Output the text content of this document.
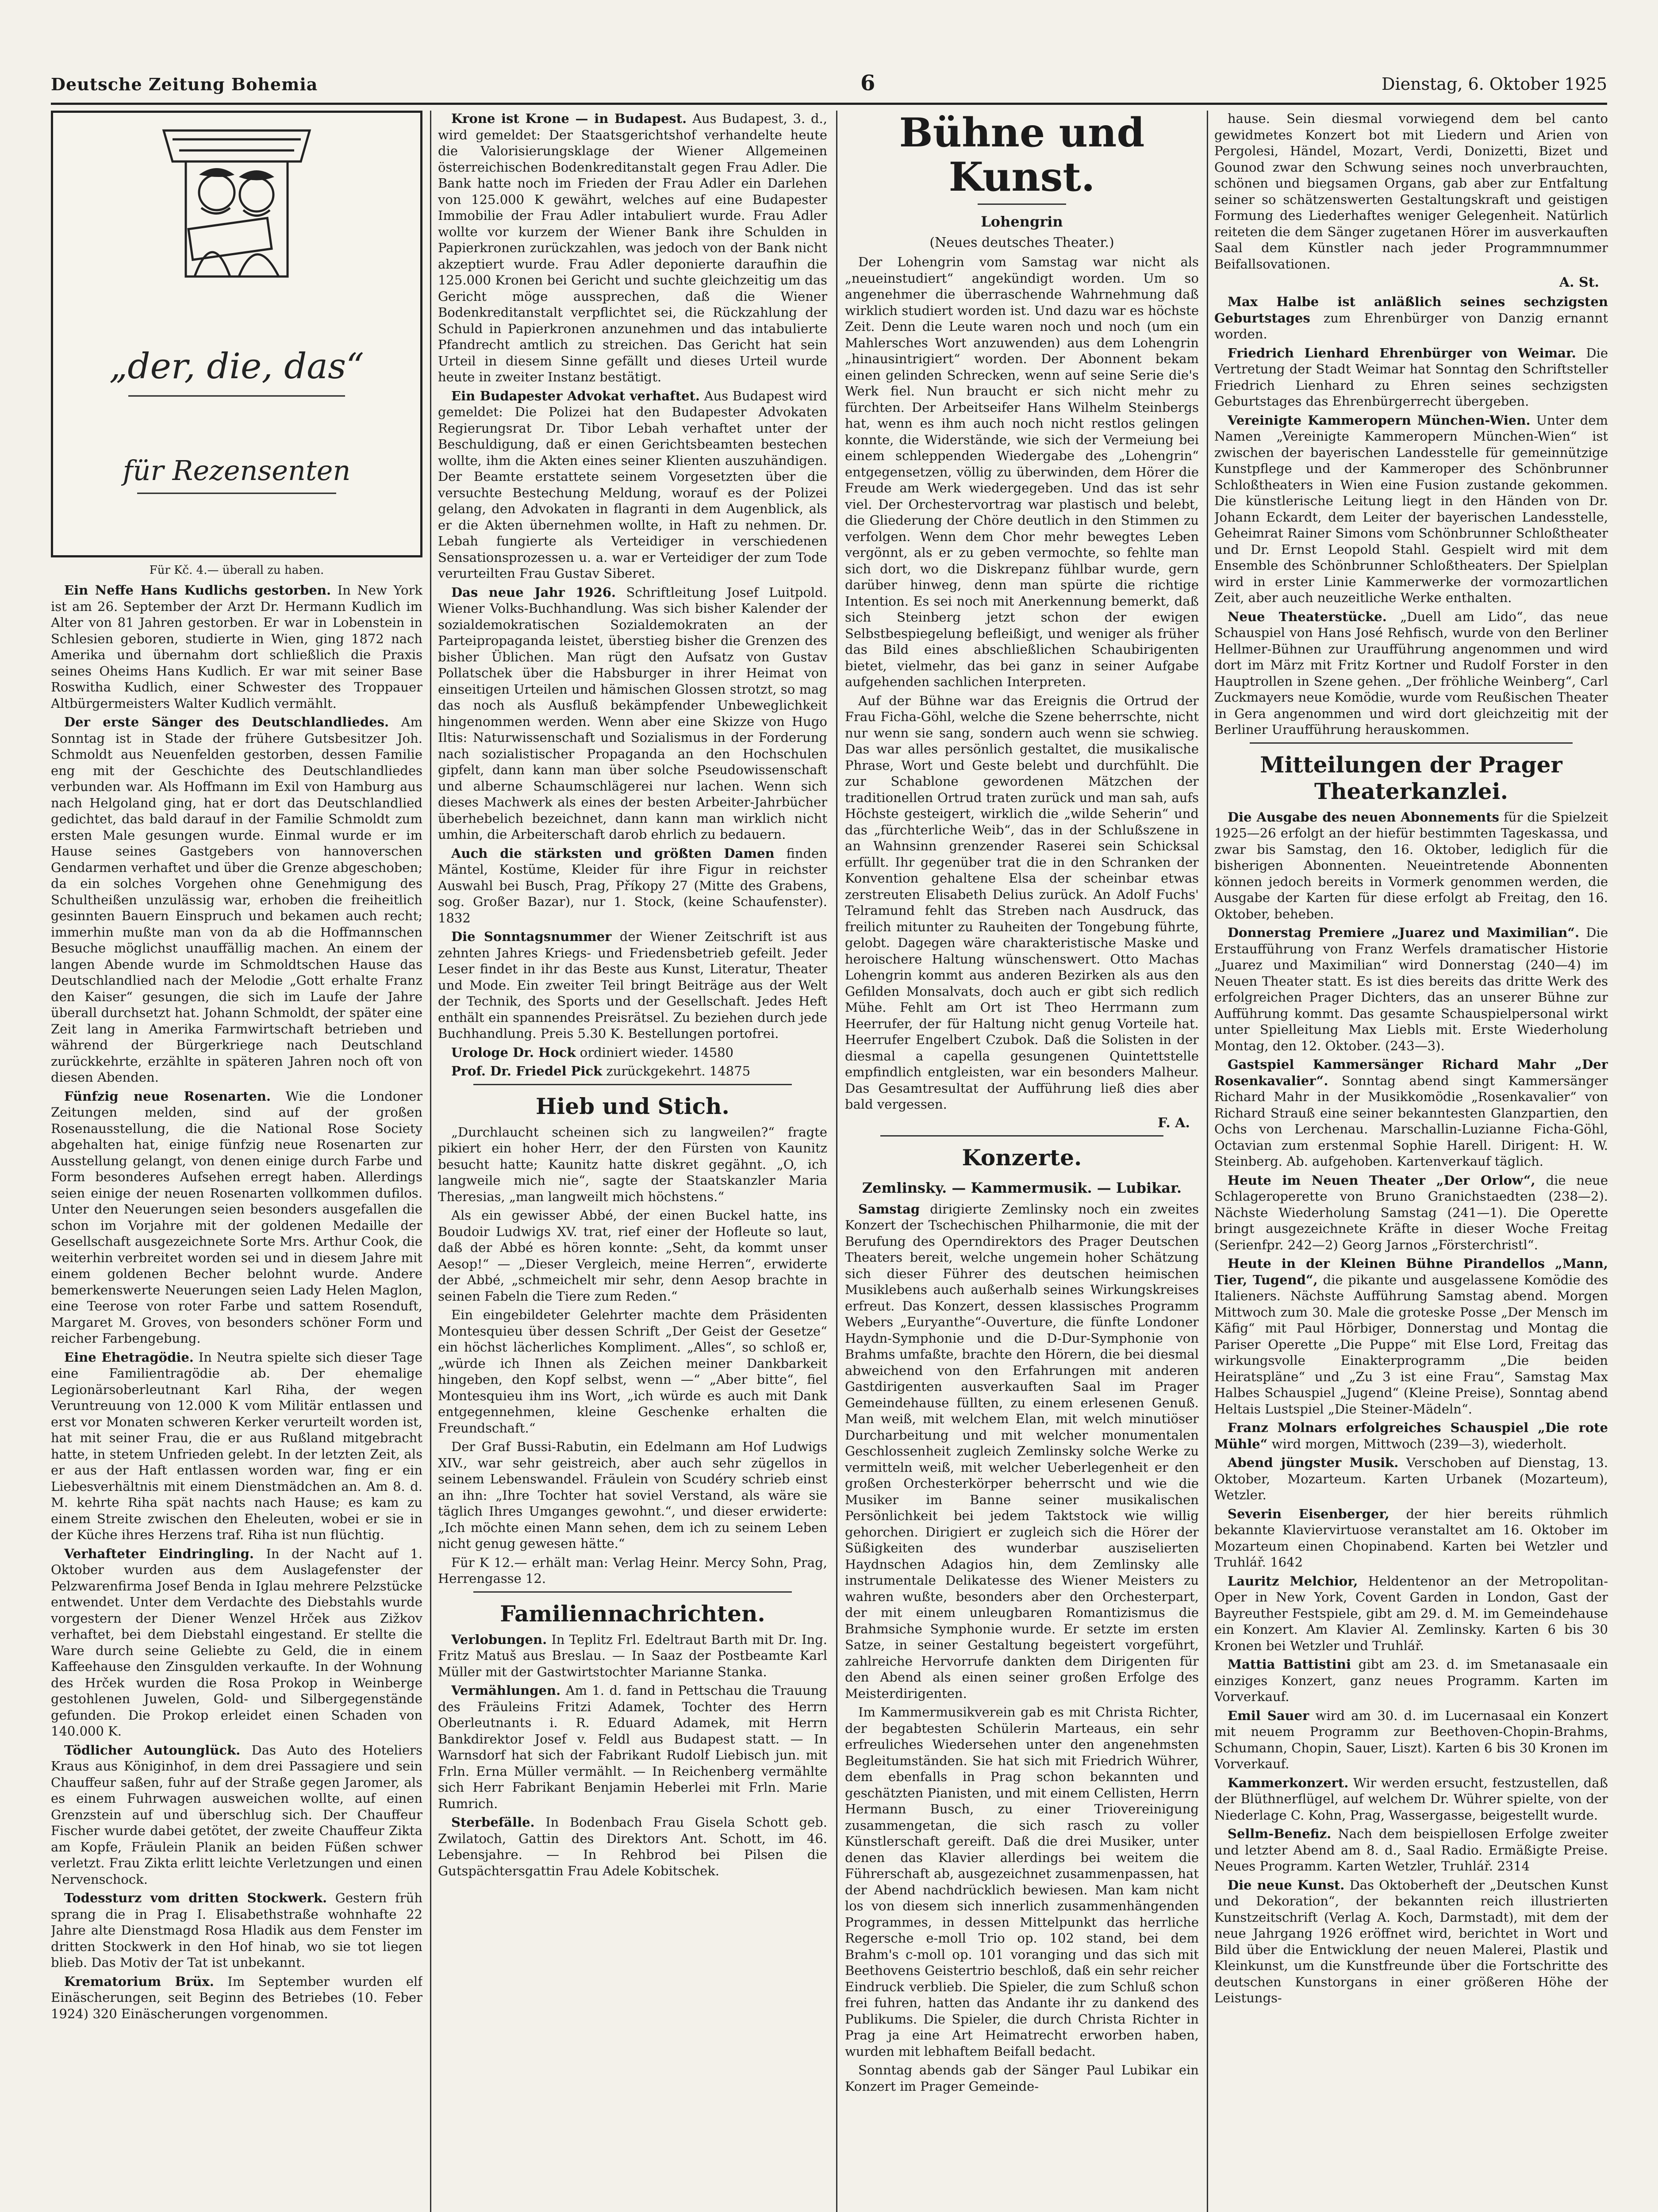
Deutsche Zeitung Bohemia	6	Dienstag, 6. Oktober 1925
„der, die, das“
für Rezensenten
Für Kč. 4.— überall zu haben.

Ein Neffe Hans Kudlichs gestorben. In New York ist am 26. September der Arzt Dr. Hermann Kudlich im Alter von 81 Jahren gestorben. Er war in Lobenstein in Schlesien geboren, studierte in Wien, ging 1872 nach Amerika und übernahm dort schließlich die Praxis seines Oheims Hans Kudlich. Er war mit seiner Base Roswitha Kudlich, einer Schwester des Troppauer Altbürgermeisters Walter Kudlich vermählt.

Der erste Sänger des Deutschlandliedes. Am Sonntag ist in Stade der frühere Gutsbesitzer Joh. Schmoldt aus Neuenfelden gestorben, dessen Familie eng mit der Geschichte des Deutschlandliedes verbunden war. Als Hoffmann im Exil von Hamburg aus nach Helgoland ging, hat er dort das Deutschlandlied gedichtet, das bald darauf in der Familie Schmoldt zum ersten Male gesungen wurde. Einmal wurde er im Hause seines Gastgebers von hannoverschen Gendarmen verhaftet und über die Grenze abgeschoben; da ein solches Vorgehen ohne Genehmigung des Schultheißen unzulässig war, erhoben die freiheitlich gesinnten Bauern Einspruch und bekamen auch recht; immerhin mußte man von da ab die Hoffmannschen Besuche möglichst unauffällig machen. An einem der langen Abende wurde im Schmoldtschen Hause das Deutschlandlied nach der Melodie „Gott erhalte Franz den Kaiser“ gesungen, die sich im Laufe der Jahre überall durchsetzt hat. Johann Schmoldt, der später eine Zeit lang in Amerika Farmwirtschaft betrieben und während der Bürgerkriege nach Deutschland zurückkehrte, erzählte in späteren Jahren noch oft von diesen Abenden.

Fünfzig neue Rosenarten. Wie die Londoner Zeitungen melden, sind auf der großen Rosenausstellung, die die National Rose Society abgehalten hat, einige fünfzig neue Rosenarten zur Ausstellung gelangt, von denen einige durch Farbe und Form besonderes Aufsehen erregt haben. Allerdings seien einige der neuen Rosenarten vollkommen dufilos. Unter den Neuerungen seien besonders ausgefallen die schon im Vorjahre mit der goldenen Medaille der Gesellschaft ausgezeichnete Sorte Mrs. Arthur Cook, die weiterhin verbreitet worden sei und in diesem Jahre mit einem goldenen Becher belohnt wurde. Andere bemerkenswerte Neuerungen seien Lady Helen Maglon, eine Teerose von roter Farbe und sattem Rosenduft, Margaret M. Groves, von besonders schöner Form und reicher Farbengebung.

Eine Ehetragödie. In Neutra spielte sich dieser Tage eine Familientragödie ab. Der ehemalige Legionärsoberleutnant Karl Riha, der wegen Veruntreuung von 12.000 K vom Militär entlassen und erst vor Monaten schweren Kerker verurteilt worden ist, hat mit seiner Frau, die er aus Rußland mitgebracht hatte, in stetem Unfrieden gelebt. In der letzten Zeit, als er aus der Haft entlassen worden war, fing er ein Liebesverhältnis mit einem Dienstmädchen an. Am 8. d. M. kehrte Riha spät nachts nach Hause; es kam zu einem Streite zwischen den Eheleuten, wobei er sie in der Küche ihres Herzens traf. Riha ist nun flüchtig.

Verhafteter Eindringling. In der Nacht auf 1. Oktober wurden aus dem Auslagefenster der Pelzwarenfirma Josef Benda in Iglau mehrere Pelzstücke entwendet. Unter dem Verdachte des Diebstahls wurde vorgestern der Diener Wenzel Hrček aus Zižkov verhaftet, bei dem Diebstahl eingestand. Er stellte die Ware durch seine Geliebte zu Geld, die in einem Kaffeehause den Zinsgulden verkaufte. In der Wohnung des Hrček wurden die Rosa Prokop in Weinberge gestohlenen Juwelen, Gold- und Silbergegenstände gefunden. Die Prokop erleidet einen Schaden von 140.000 K.

Tödlicher Autounglück. Das Auto des Hoteliers Kraus aus Königinhof, in dem drei Passagiere und sein Chauffeur saßen, fuhr auf der Straße gegen Jaromer, als es einem Fuhrwagen ausweichen wollte, auf einen Grenzstein auf und überschlug sich. Der Chauffeur Fischer wurde dabei getötet, der zweite Chauffeur Zikta am Kopfe, Fräulein Planik an beiden Füßen schwer verletzt. Frau Zikta erlitt leichte Verletzungen und einen Nervenschock.

Todessturz vom dritten Stockwerk. Gestern früh sprang die in Prag I. Elisabethstraße wohnhafte 22 Jahre alte Dienstmagd Rosa Hladik aus dem Fenster im dritten Stockwerk in den Hof hinab, wo sie tot liegen blieb. Das Motiv der Tat ist unbekannt.

Krematorium Brüx. Im September wurden elf Einäscherungen, seit Beginn des Betriebes (10. Feber 1924) 320 Einäscherungen vorgenommen.

Krone ist Krone — in Budapest. Aus Budapest, 3. d., wird gemeldet: Der Staatsgerichtshof verhandelte heute die Valorisierungsklage der Wiener Allgemeinen österreichischen Bodenkreditanstalt gegen Frau Adler. Die Bank hatte noch im Frieden der Frau Adler ein Darlehen von 125.000 K gewährt, welches auf eine Budapester Immobilie der Frau Adler intabuliert wurde. Frau Adler wollte vor kurzem der Wiener Bank ihre Schulden in Papierkronen zurückzahlen, was jedoch von der Bank nicht akzeptiert wurde. Frau Adler deponierte daraufhin die 125.000 Kronen bei Gericht und suchte gleichzeitig um das Gericht möge aussprechen, daß die Wiener Bodenkreditanstalt verpflichtet sei, die Rückzahlung der Schuld in Papierkronen anzunehmen und das intabulierte Pfandrecht amtlich zu streichen. Das Gericht hat sein Urteil in diesem Sinne gefällt und dieses Urteil wurde heute in zweiter Instanz bestätigt.

Ein Budapester Advokat verhaftet. Aus Budapest wird gemeldet: Die Polizei hat den Budapester Advokaten Regierungsrat Dr. Tibor Lebah verhaftet unter der Beschuldigung, daß er einen Gerichtsbeamten bestechen wollte, ihm die Akten eines seiner Klienten auszuhändigen. Der Beamte erstattete seinem Vorgesetzten über die versuchte Bestechung Meldung, worauf es der Polizei gelang, den Advokaten in flagranti in dem Augenblick, als er die Akten übernehmen wollte, in Haft zu nehmen. Dr. Lebah fungierte als Verteidiger in verschiedenen Sensationsprozessen u. a. war er Verteidiger der zum Tode verurteilten Frau Gustav Siberet.

Das neue Jahr 1926. Schriftleitung Josef Luitpold. Wiener Volks-Buchhandlung. Was sich bisher Kalender der sozialdemokratischen Sozialdemokraten an der Parteipropaganda leistet, überstieg bisher die Grenzen des bisher Üblichen. Man rügt den Aufsatz von Gustav Pollatschek über die Habsburger in ihrer Heimat von einseitigen Urteilen und hämischen Glossen strotzt, so mag das noch als Ausfluß bekämpfender Unbeweglichkeit hingenommen werden. Wenn aber eine Skizze von Hugo Iltis: Naturwissenschaft und Sozialismus in der Forderung nach sozialistischer Propaganda an den Hochschulen gipfelt, dann kann man über solche Pseudowissenschaft und alberne Schaumschlägerei nur lachen. Wenn sich dieses Machwerk als eines der besten Arbeiter-Jahrbücher überhebelich bezeichnet, dann kann man wirklich nicht umhin, die Arbeiterschaft darob ehrlich zu bedauern.

Auch die stärksten und größten Damen finden Mäntel, Kostüme, Kleider für ihre Figur in reichster Auswahl bei Busch, Prag, Příkopy 27 (Mitte des Grabens, sog. Großer Bazar), nur 1. Stock, (keine Schaufenster). 1832

Die Sonntagsnummer der Wiener Zeitschrift ist aus zehnten Jahres Kriegs- und Friedensbetrieb gefeilt. Jeder Leser findet in ihr das Beste aus Kunst, Literatur, Theater und Mode. Ein zweiter Teil bringt Beiträge aus der Welt der Technik, des Sports und der Gesellschaft. Jedes Heft enthält ein spannendes Preisrätsel. Zu beziehen durch jede Buchhandlung. Preis 5.30 K. Bestellungen portofrei.

Urologe Dr. Hock ordiniert wieder. 14580

Prof. Dr. Friedel Pick zurückgekehrt. 14875

Hieb und Stich.

„Durchlaucht scheinen sich zu langweilen?“ fragte pikiert ein hoher Herr, der den Fürsten von Kaunitz besucht hatte; Kaunitz hatte diskret gegähnt. „O, ich langweile mich nie“, sagte der Staatskanzler Maria Theresias, „man langweilt mich höchstens.“

Als ein gewisser Abbé, der einen Buckel hatte, ins Boudoir Ludwigs XV. trat, rief einer der Hofleute so laut, daß der Abbé es hören konnte: „Seht, da kommt unser Aesop!“ — „Dieser Vergleich, meine Herren“, erwiderte der Abbé, „schmeichelt mir sehr, denn Aesop brachte in seinen Fabeln die Tiere zum Reden.“

Ein eingebildeter Gelehrter machte dem Präsidenten Montesquieu über dessen Schrift „Der Geist der Gesetze“ ein höchst lächerliches Kompliment. „Alles“, so schloß er, „würde ich Ihnen als Zeichen meiner Dankbarkeit hingeben, den Kopf selbst, wenn —“ „Aber bitte“, fiel Montesquieu ihm ins Wort, „ich würde es auch mit Dank entgegennehmen, kleine Geschenke erhalten die Freundschaft.“

Der Graf Bussi-Rabutin, ein Edelmann am Hof Ludwigs XIV., war sehr geistreich, aber auch sehr zügellos in seinem Lebenswandel. Fräulein von Scudéry schrieb einst an ihn: „Ihre Tochter hat soviel Verstand, als wäre sie täglich Ihres Umganges gewohnt.“, und dieser erwiderte: „Ich möchte einen Mann sehen, dem ich zu seinem Leben nicht genug gewesen hätte.“

Für K 12.— erhält man: Verlag Heinr. Mercy Sohn, Prag, Herrengasse 12.

Familiennachrichten.

Verlobungen. In Teplitz Frl. Edeltraut Barth mit Dr. Ing. Fritz Matuš aus Breslau. — In Saaz der Postbeamte Karl Müller mit der Gastwirtstochter Marianne Stanka.

Vermählungen. Am 1. d. fand in Pettschau die Trauung des Fräuleins Fritzi Adamek, Tochter des Herrn Oberleutnants i. R. Eduard Adamek, mit Herrn Bankdirektor Josef v. Feldl aus Budapest statt. — In Warnsdorf hat sich der Fabrikant Rudolf Liebisch jun. mit Frln. Erna Müller vermählt. — In Reichenberg vermählte sich Herr Fabrikant Benjamin Heberlei mit Frln. Marie Rumrich.

Sterbefälle. In Bodenbach Frau Gisela Schott geb. Zwilatoch, Gattin des Direktors Ant. Schott, im 46. Lebensjahre. — In Rehbrod bei Pilsen die Gutspächtersgattin Frau Adele Kobitschek.

Bühne und Kunst.
Lohengrin
(Neues deutsches Theater.)

Der Lohengrin vom Samstag war nicht als „neueinstudiert“ angekündigt worden. Um so angenehmer die überraschende Wahrnehmung daß wirklich studiert worden ist. Und dazu war es höchste Zeit. Denn die Leute waren noch und noch (um ein Mahlersches Wort anzuwenden) aus dem Lohengrin „hinausintrigiert“ worden. Der Abonnent bekam einen gelinden Schrecken, wenn auf seine Serie die's Werk fiel. Nun braucht er sich nicht mehr zu fürchten. Der Arbeitseifer Hans Wilhelm Steinbergs hat, wenn es ihm auch noch nicht restlos gelingen konnte, die Widerstände, wie sich der Vermeiung bei einem schleppenden Wiedergabe des „Lohengrin“ entgegensetzen, völlig zu überwinden, dem Hörer die Freude am Werk wiedergegeben. Und das ist sehr viel. Der Orchestervortrag war plastisch und belebt, die Gliederung der Chöre deutlich in den Stimmen zu verfolgen. Wenn dem Chor mehr bewegtes Leben vergönnt, als er zu geben vermochte, so fehlte man sich dort, wo die Diskrepanz fühlbar wurde, gern darüber hinweg, denn man spürte die richtige Intention. Es sei noch mit Anerkennung bemerkt, daß sich Steinberg jetzt schon der ewigen Selbstbespiegelung befleißigt, und weniger als früher das Bild eines abschließlichen Schaubirigenten bietet, vielmehr, das bei ganz in seiner Aufgabe aufgehenden sachlichen Interpreten.

Auf der Bühne war das Ereignis die Ortrud der Frau Ficha-Göhl, welche die Szene beherrschte, nicht nur wenn sie sang, sondern auch wenn sie schwieg. Das war alles persönlich gestaltet, die musikalische Phrase, Wort und Geste belebt und durchfühlt. Die zur Schablone gewordenen Mätzchen der traditionellen Ortrud traten zurück und man sah, aufs Höchste gesteigert, wirklich die „wilde Seherin“ und das „fürchterliche Weib“, das in der Schlußszene in an Wahnsinn grenzender Raserei sein Schicksal erfüllt. Ihr gegenüber trat die in den Schranken der Konvention gehaltene Elsa der scheinbar etwas zerstreuten Elisabeth Delius zurück. An Adolf Fuchs' Telramund fehlt das Streben nach Ausdruck, das freilich mitunter zu Rauheiten der Tongebung führte, gelobt. Dagegen wäre charakteristische Maske und heroischere Haltung wünschenswert. Otto Machas Lohengrin kommt aus anderen Bezirken als aus den Gefilden Monsalvats, doch auch er gibt sich redlich Mühe. Fehlt am Ort ist Theo Herrmann zum Heerrufer, der für Haltung nicht genug Vorteile hat. Heerrufer Engelbert Czubok. Daß die Solisten in der diesmal a capella gesungenen Quintettstelle empfindlich entgleisten, war ein besonders Malheur. Das Gesamtresultat der Aufführung ließ dies aber bald vergessen.

F. A.
Konzerte.
Zemlinsky. — Kammermusik. — Lubikar.

Samstag dirigierte Zemlinsky noch ein zweites Konzert der Tschechischen Philharmonie, die mit der Berufung des Operndirektors des Prager Deutschen Theaters bereit, welche ungemein hoher Schätzung sich dieser Führer des deutschen heimischen Musiklebens auch außerhalb seines Wirkungskreises erfreut. Das Konzert, dessen klassisches Programm Webers „Euryanthe“-Ouverture, die fünfte Londoner Haydn-Symphonie und die D-Dur-Symphonie von Brahms umfaßte, brachte den Hörern, die bei diesmal abweichend von den Erfahrungen mit anderen Gastdirigenten ausverkauften Saal im Prager Gemeindehause füllten, zu einem erlesenen Genuß. Man weiß, mit welchem Elan, mit welch minutiöser Durcharbeitung und mit welcher monumentalen Geschlossenheit zugleich Zemlinsky solche Werke zu vermitteln weiß, mit welcher Ueberlegenheit er den großen Orchesterkörper beherrscht und wie die Musiker im Banne seiner musikalischen Persönlichkeit bei jedem Taktstock wie willig gehorchen. Dirigiert er zugleich sich die Hörer der Süßigkeiten des wunderbar ausziselierten Haydnschen Adagios hin, dem Zemlinsky alle instrumentale Delikatesse des Wiener Meisters zu wahren wußte, besonders aber den Orchesterpart, der mit einem unleugbaren Romantizismus die Brahmsiche Symphonie wurde. Er setzte im ersten Satze, in seiner Gestaltung begeistert vorgeführt, zahlreiche Hervorrufe dankten dem Dirigenten für den Abend als einen seiner großen Erfolge des Meisterdirigenten.

Im Kammermusikverein gab es mit Christa Richter, der begabtesten Schülerin Marteaus, ein sehr erfreuliches Wiedersehen unter den angenehmsten Begleitumständen. Sie hat sich mit Friedrich Wührer, dem ebenfalls in Prag schon bekannten und geschätzten Pianisten, und mit einem Cellisten, Herrn Hermann Busch, zu einer Triovereinigung zusammengetan, die sich rasch zu voller Künstlerschaft gereift. Daß die drei Musiker, unter denen das Klavier allerdings bei weitem die Führerschaft ab, ausgezeichnet zusammenpassen, hat der Abend nachdrücklich bewiesen. Man kam nicht los von diesem sich innerlich zusammenhängenden Programmes, in dessen Mittelpunkt das herrliche Regersche e-moll Trio op. 102 stand, bei dem Brahm's c-moll op. 101 voranging und das sich mit Beethovens Geistertrio beschloß, daß ein sehr reicher Eindruck verblieb. Die Spieler, die zum Schluß schon frei fuhren, hatten das Andante ihr zu dankend des Publikums. Die Spieler, die durch Christa Richter in Prag ja eine Art Heimatrecht erworben haben, wurden mit lebhaftem Beifall bedacht.

Sonntag abends gab der Sänger Paul Lubikar ein Konzert im Prager Gemeinde-

hause. Sein diesmal vorwiegend dem bel canto gewidmetes Konzert bot mit Liedern und Arien von Pergolesi, Händel, Mozart, Verdi, Donizetti, Bizet und Gounod zwar den Schwung seines noch unverbrauchten, schönen und biegsamen Organs, gab aber zur Entfaltung seiner so schätzenswerten Gestaltungskraft und geistigen Formung des Liederhaftes weniger Gelegenheit. Natürlich reiteten die dem Sänger zugetanen Hörer im ausverkauften Saal dem Künstler nach jeder Programmnummer Beifallsovationen.

A. St.

Max Halbe ist anläßlich seines sechzigsten Geburtstages zum Ehrenbürger von Danzig ernannt worden.

Friedrich Lienhard Ehrenbürger von Weimar. Die Vertretung der Stadt Weimar hat Sonntag den Schriftsteller Friedrich Lienhard zu Ehren seines sechzigsten Geburtstages das Ehrenbürgerrecht übergeben.

Vereinigte Kammeropern München-Wien. Unter dem Namen „Vereinigte Kammeropern München-Wien“ ist zwischen der bayerischen Landesstelle für gemeinnützige Kunstpflege und der Kammeroper des Schönbrunner Schloßtheaters in Wien eine Fusion zustande gekommen. Die künstlerische Leitung liegt in den Händen von Dr. Johann Eckardt, dem Leiter der bayerischen Landesstelle, Geheimrat Rainer Simons vom Schönbrunner Schloßtheater und Dr. Ernst Leopold Stahl. Gespielt wird mit dem Ensemble des Schönbrunner Schloßtheaters. Der Spielplan wird in erster Linie Kammerwerke der vormozartlichen Zeit, aber auch neuzeitliche Werke enthalten.

Neue Theaterstücke. „Duell am Lido“, das neue Schauspiel von Hans José Rehfisch, wurde von den Berliner Hellmer-Bühnen zur Uraufführung angenommen und wird dort im März mit Fritz Kortner und Rudolf Forster in den Hauptrollen in Szene gehen. „Der fröhliche Weinberg“, Carl Zuckmayers neue Komödie, wurde vom Reußischen Theater in Gera angenommen und wird dort gleichzeitig mit der Berliner Uraufführung herauskommen.

Mitteilungen der Prager Theaterkanzlei.

Die Ausgabe des neuen Abonnements für die Spielzeit 1925—26 erfolgt an der hiefür bestimmten Tageskassa, und zwar bis Samstag, den 16. Oktober, lediglich für die bisherigen Abonnenten. Neueintretende Abonnenten können jedoch bereits in Vormerk genommen werden, die Ausgabe der Karten für diese erfolgt ab Freitag, den 16. Oktober, beheben.

Donnerstag Premiere „Juarez und Maximilian“. Die Erstaufführung von Franz Werfels dramatischer Historie „Juarez und Maximilian“ wird Donnerstag (240—4) im Neuen Theater statt. Es ist dies bereits das dritte Werk des erfolgreichen Prager Dichters, das an unserer Bühne zur Aufführung kommt. Das gesamte Schauspielpersonal wirkt unter Spielleitung Max Liebls mit. Erste Wiederholung Montag, den 12. Oktober. (243—3).

Gastspiel Kammersänger Richard Mahr „Der Rosenkavalier“. Sonntag abend singt Kammersänger Richard Mahr in der Musikkomödie „Rosenkavalier“ von Richard Strauß eine seiner bekanntesten Glanzpartien, den Ochs von Lerchenau. Marschallin-Luzianne Ficha-Göhl, Octavian zum erstenmal Sophie Harell. Dirigent: H. W. Steinberg. Ab. aufgehoben. Kartenverkauf täglich.

Heute im Neuen Theater „Der Orlow“, die neue Schlageroperette von Bruno Granichstaedten (238—2). Nächste Wiederholung Samstag (241—1). Die Operette bringt ausgezeichnete Kräfte in dieser Woche Freitag (Serienfpr. 242—2) Georg Jarnos „Försterchristl“.

Heute in der Kleinen Bühne Pirandellos „Mann, Tier, Tugend“, die pikante und ausgelassene Komödie des Italieners. Nächste Aufführung Samstag abend. Morgen Mittwoch zum 30. Male die groteske Posse „Der Mensch im Käfig“ mit Paul Hörbiger, Donnerstag und Montag die Pariser Operette „Die Puppe“ mit Else Lord, Freitag das wirkungsvolle Einakterprogramm „Die beiden Heiratspläne“ und „Zu 3 ist eine Frau“, Samstag Max Halbes Schauspiel „Jugend“ (Kleine Preise), Sonntag abend Heltais Lustspiel „Die Steiner-Mädeln“.

Franz Molnars erfolgreiches Schauspiel „Die rote Mühle“ wird morgen, Mittwoch (239—3), wiederholt.

Abend jüngster Musik. Verschoben auf Dienstag, 13. Oktober, Mozarteum. Karten Urbanek (Mozarteum), Wetzler.

Severin Eisenberger, der hier bereits rühmlich bekannte Klaviervirtuose veranstaltet am 16. Oktober im Mozarteum einen Chopinabend. Karten bei Wetzler und Truhlář. 1642

Lauritz Melchior, Heldentenor an der Metropolitan-Oper in New York, Covent Garden in London, Gast der Bayreuther Festspiele, gibt am 29. d. M. im Gemeindehause ein Konzert. Am Klavier Al. Zemlinsky. Karten 6 bis 30 Kronen bei Wetzler und Truhlář.

Mattia Battistini gibt am 23. d. im Smetanasaale ein einziges Konzert, ganz neues Programm. Karten im Vorverkauf.

Emil Sauer wird am 30. d. im Lucernasaal ein Konzert mit neuem Programm zur Beethoven-Chopin-Brahms, Schumann, Chopin, Sauer, Liszt). Karten 6 bis 30 Kronen im Vorverkauf.

Kammerkonzert. Wir werden ersucht, festzustellen, daß der Blüthnerflügel, auf welchem Dr. Wührer spielte, von der Niederlage C. Kohn, Prag, Wassergasse, beigestellt wurde.

Sellm-Benefiz. Nach dem beispiellosen Erfolge zweiter und letzter Abend am 8. d., Saal Radio. Ermäßigte Preise. Neues Programm. Karten Wetzler, Truhlář. 2314

Die neue Kunst. Das Oktoberheft der „Deutschen Kunst und Dekoration“, der bekannten reich illustrierten Kunstzeitschrift (Verlag A. Koch, Darmstadt), mit dem der neue Jahrgang 1926 eröffnet wird, berichtet in Wort und Bild über die Entwicklung der neuen Malerei, Plastik und Kleinkunst, um die Kunstfreunde über die Fortschritte des deutschen Kunstorgans in einer größeren Höhe der Leistungs-
